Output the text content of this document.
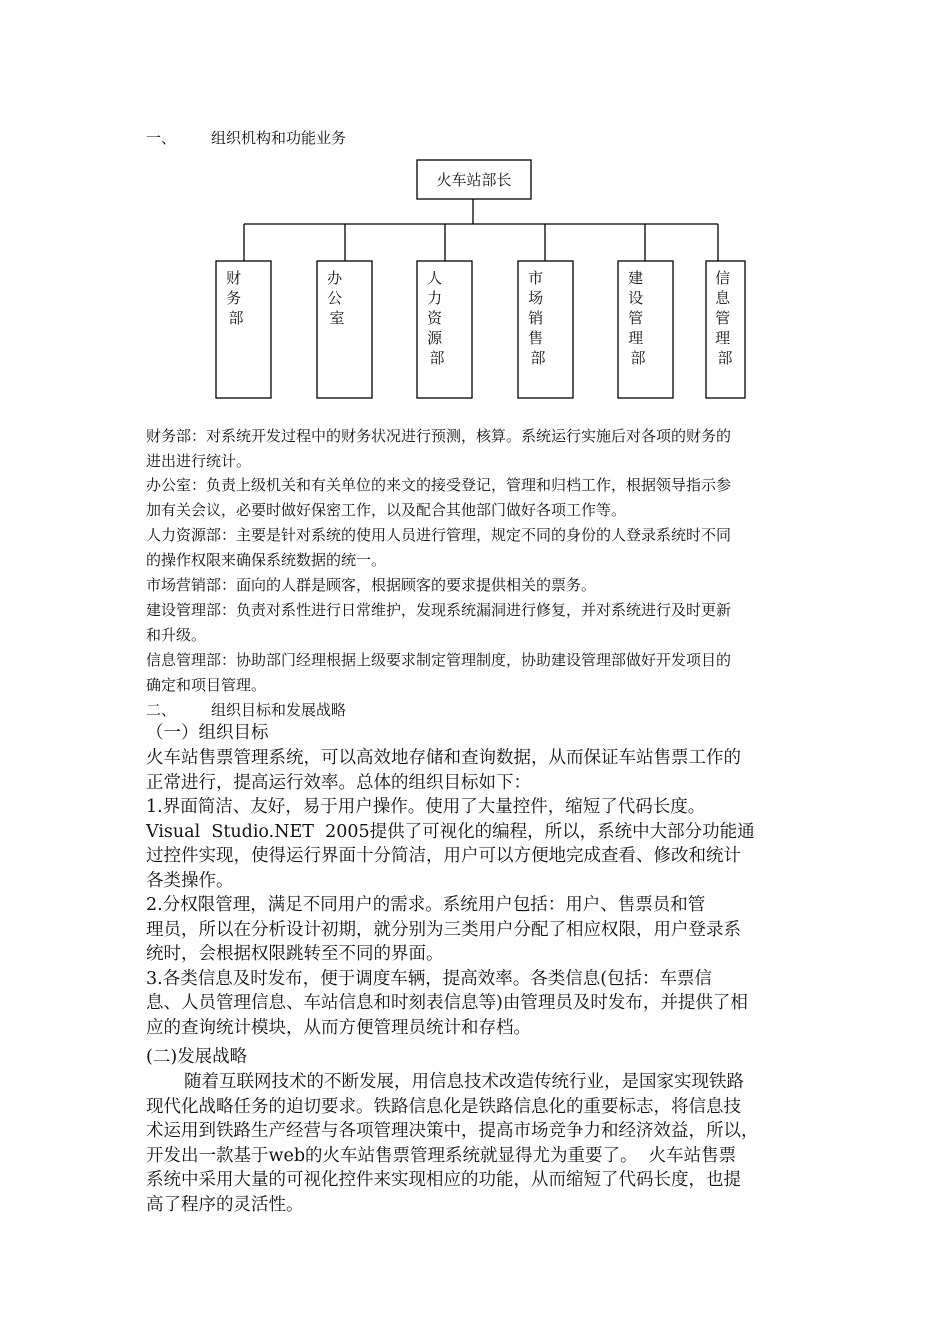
一、 组织机构和功能业务
火车站部长
财 务 部
办 公 室
人 力 资 源 部
市 场 销 售 部
建 设 管 理 部
信 息 管 理 部
财务部：对系统开发过程中的财务状况进行预测，核算。系统运行实施后对各项的财务的
进出进行统计。
办公室：负责上级机关和有关单位的来文的接受登记，管理和归档工作，根据领导指示参
加有关会议，必要时做好保密工作，以及配合其他部门做好各项工作等。
人力资源部：主要是针对系统的使用人员进行管理，规定不同的身份的人登录系统时不同
的操作权限来确保系统数据的统一。
市场营销部：面向的人群是顾客，根据顾客的要求提供相关的票务。
建设管理部：负责对系性进行日常维护，发现系统漏洞进行修复，并对系统进行及时更新
和升级。
信息管理部：协助部门经理根据上级要求制定管理制度，协助建设管理部做好开发项目的
确定和项目管理。
二、 组织目标和发展战略
（一）组织目标
火车站售票管理系统，可以高效地存储和查询数据，从而保证车站售票工作的
正常进行，提高运行效率。总体的组织目标如下：
1.界面简洁、友好，易于用户操作。使用了大量控件，缩短了代码长度。
Visual  Studio.NET  2005提供了可视化的编程，所以，系统中大部分功能通
过控件实现，使得运行界面十分简洁，用户可以方便地完成查看、修改和统计
各类操作。
2.分权限管理，满足不同用户的需求。系统用户包括：用户、售票员和管
理员，所以在分析设计初期，就分别为三类用户分配了相应权限，用户登录系
统时，会根据权限跳转至不同的界面。
3.各类信息及时发布，便于调度车辆，提高效率。各类信息(包括：车票信
息、人员管理信息、车站信息和时刻表信息等)由管理员及时发布，并提供了相
应的查询统计模块，从而方便管理员统计和存档。
(二)发展战略
随着互联网技术的不断发展，用信息技术改造传统行业，是国家实现铁路
现代化战略任务的迫切要求。铁路信息化是铁路信息化的重要标志，将信息技
术运用到铁路生产经营与各项管理决策中，提高市场竞争力和经济效益，所以，
开发出一款基于web的火车站售票管理系统就显得尤为重要了。  火车站售票
系统中采用大量的可视化控件来实现相应的功能，从而缩短了代码长度，也提
高了程序的灵活性。
